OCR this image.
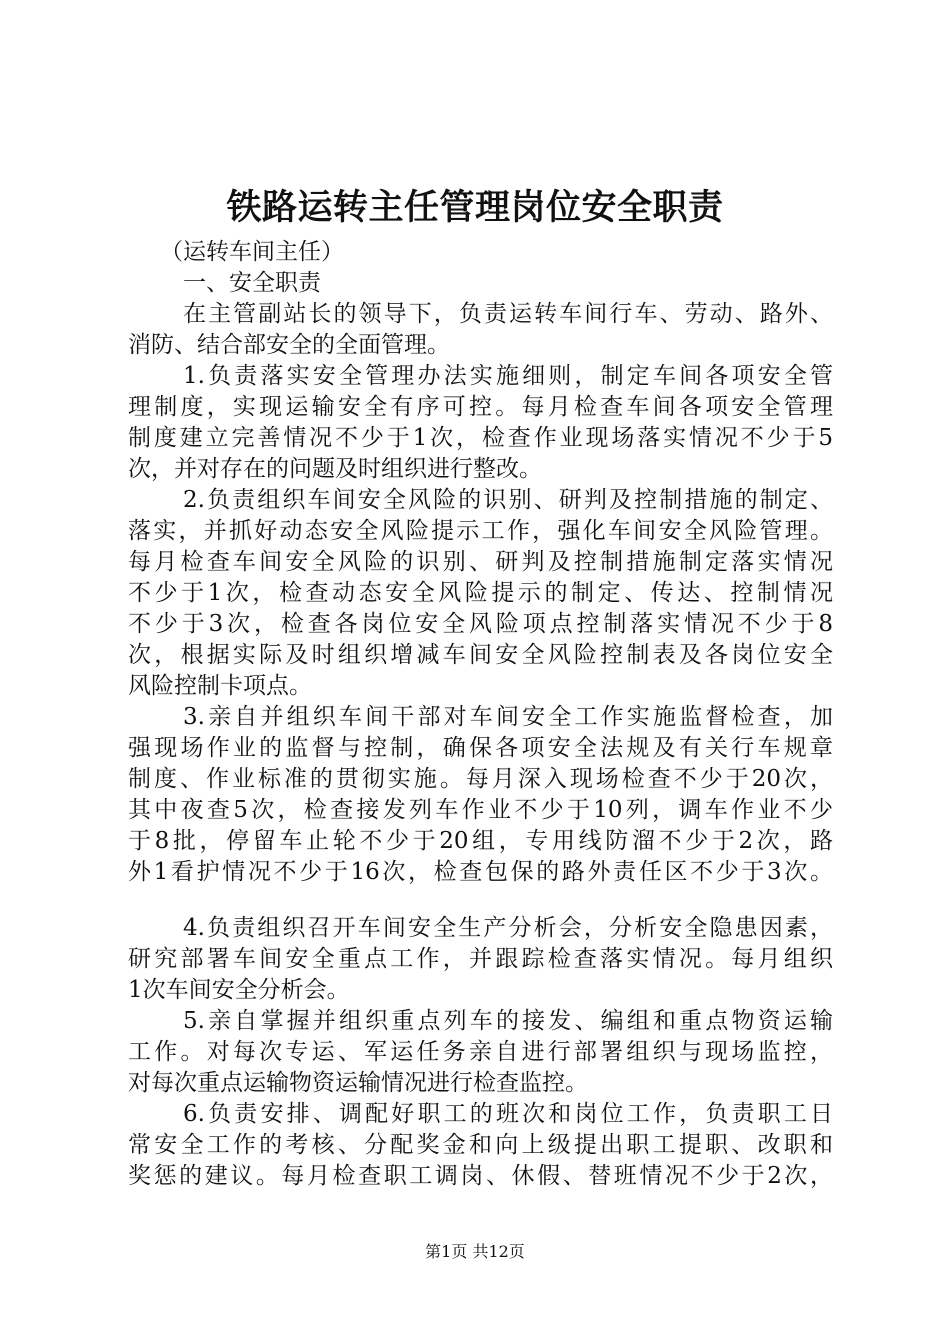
铁路运转主任管理岗位安全职责
（运转车间主任）
一、安全职责
在主管副站长的领导下，负责运转车间行车、劳动、路外、
消防、结合部安全的全面管理。
1.负责落实安全管理办法实施细则，制定车间各项安全管
理制度，实现运输安全有序可控。每月检查车间各项安全管理
制度建立完善情况不少于1次，检查作业现场落实情况不少于5
次，并对存在的问题及时组织进行整改。
2.负责组织车间安全风险的识别、研判及控制措施的制定、
落实，并抓好动态安全风险提示工作，强化车间安全风险管理。
每月检查车间安全风险的识别、研判及控制措施制定落实情况
不少于1次，检查动态安全风险提示的制定、传达、控制情况
不少于3次，检查各岗位安全风险项点控制落实情况不少于8
次，根据实际及时组织增减车间安全风险控制表及各岗位安全
风险控制卡项点。
3.亲自并组织车间干部对车间安全工作实施监督检查，加
强现场作业的监督与控制，确保各项安全法规及有关行车规章
制度、作业标准的贯彻实施。每月深入现场检查不少于20次，
其中夜查5次，检查接发列车作业不少于10列，调车作业不少
于8批，停留车止轮不少于20组，专用线防溜不少于2次，路
外1看护情况不少于16次，检查包保的路外责任区不少于3次。
4.负责组织召开车间安全生产分析会，分析安全隐患因素，
研究部署车间安全重点工作，并跟踪检查落实情况。每月组织
1次车间安全分析会。
5.亲自掌握并组织重点列车的接发、编组和重点物资运输
工作。对每次专运、军运任务亲自进行部署组织与现场监控，
对每次重点运输物资运输情况进行检查监控。
6.负责安排、调配好职工的班次和岗位工作，负责职工日
常安全工作的考核、分配奖金和向上级提出职工提职、改职和
奖惩的建议。每月检查职工调岗、休假、替班情况不少于2次，
第1页 共12页
